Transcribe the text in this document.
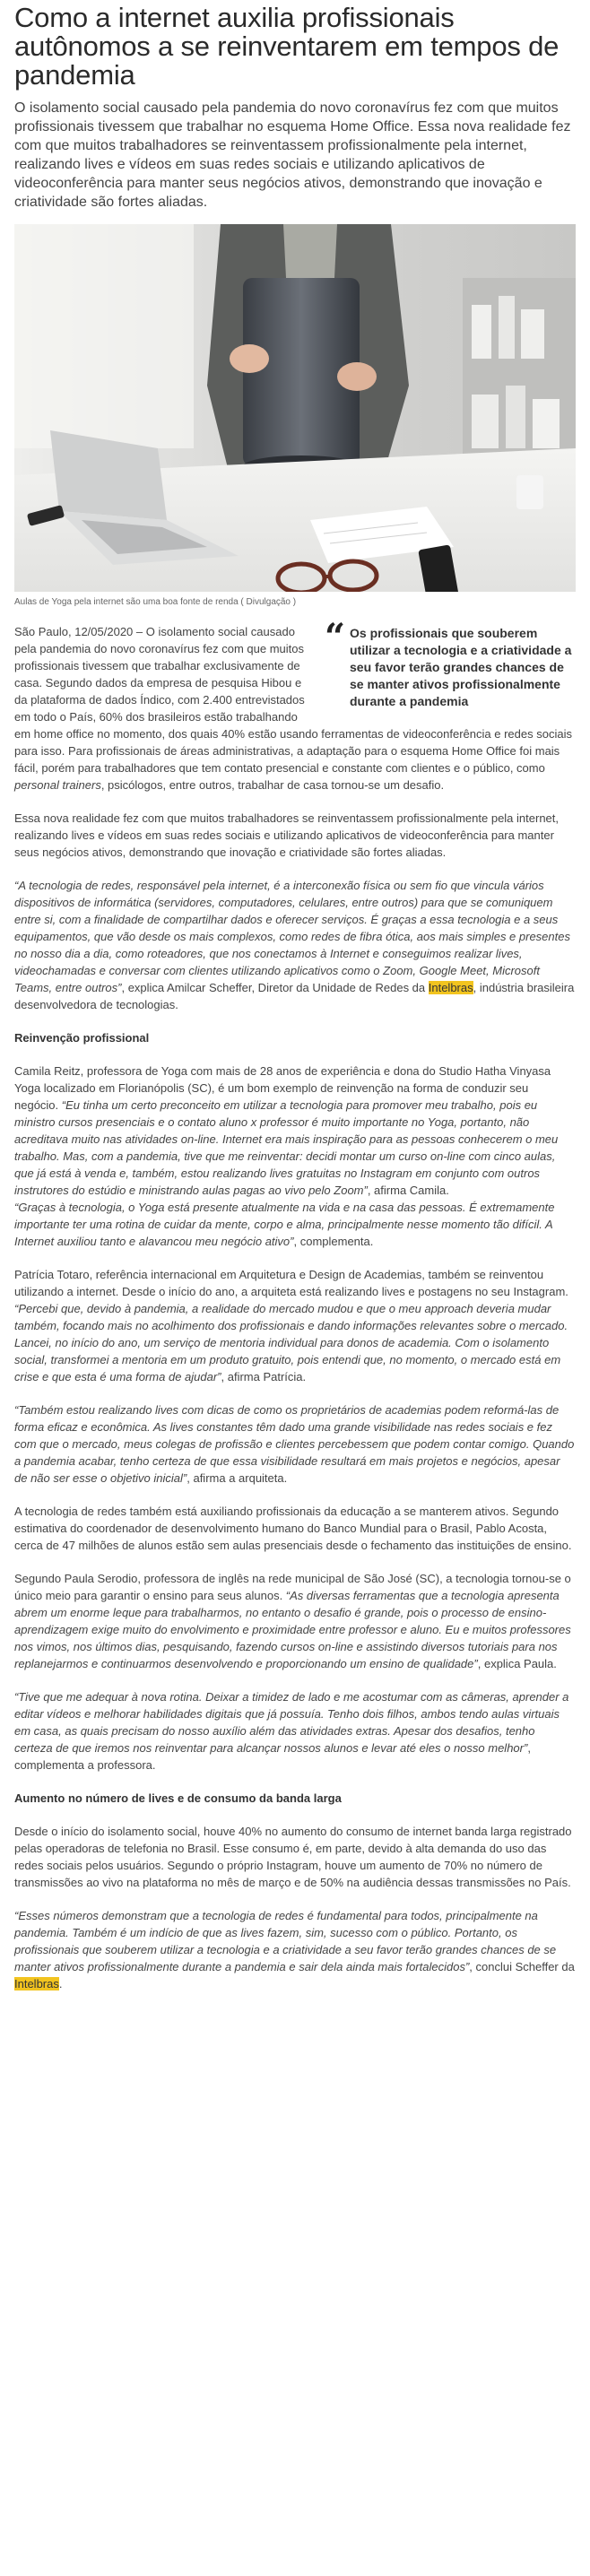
Como a internet auxilia profissionais autônomos a se reinventarem em tempos de pandemia

O isolamento social causado pela pandemia do novo coronavírus fez com que muitos profissionais tivessem que trabalhar no esquema Home Office. Essa nova realidade fez com que muitos trabalhadores se reinventassem profissionalmente pela internet, realizando lives e vídeos em suas redes sociais e utilizando aplicativos de videoconferência para manter seus negócios ativos, demonstrando que inovação e criatividade são fortes aliadas.

Aulas de Yoga pela internet são uma boa fonte de renda ( Divulgação )
“ Os profissionais que souberem utilizar a tecnologia e a criatividade a seu favor terão grandes chances de se manter ativos profissionalmente durante a pandemia

São Paulo, 12/05/2020 – O isolamento social causado pela pandemia do novo coronavírus fez com que muitos profissionais tivessem que trabalhar exclusivamente de casa. Segundo dados da empresa de pesquisa Hibou e da plataforma de dados Índico, com 2.400 entrevistados em todo o País, 60% dos brasileiros estão trabalhando em home office no momento, dos quais 40% estão usando ferramentas de videoconferência e redes sociais para isso. Para profissionais de áreas administrativas, a adaptação para o esquema Home Office foi mais fácil, porém para trabalhadores que tem contato presencial e constante com clientes e o público, como personal trainers, psicólogos, entre outros, trabalhar de casa tornou-se um desafio.

Essa nova realidade fez com que muitos trabalhadores se reinventassem profissionalmente pela internet, realizando lives e vídeos em suas redes sociais e utilizando aplicativos de videoconferência para manter seus negócios ativos, demonstrando que inovação e criatividade são fortes aliadas.

“A tecnologia de redes, responsável pela internet, é a interconexão física ou sem fio que vincula vários dispositivos de informática (servidores, computadores, celulares, entre outros) para que se comuniquem entre si, com a finalidade de compartilhar dados e oferecer serviços. É graças a essa tecnologia e a seus equipamentos, que vão desde os mais complexos, como redes de fibra ótica, aos mais simples e presentes no nosso dia a dia, como roteadores, que nos conectamos à Internet e conseguimos realizar lives, videochamadas e conversar com clientes utilizando aplicativos como o Zoom, Google Meet, Microsoft Teams, entre outros”, explica Amilcar Scheffer, Diretor da Unidade de Redes da Intelbras, indústria brasileira desenvolvedora de tecnologias.

Reinvenção profissional

Camila Reitz, professora de Yoga com mais de 28 anos de experiência e dona do Studio Hatha Vinyasa Yoga localizado em Florianópolis (SC), é um bom exemplo de reinvenção na forma de conduzir seu negócio. “Eu tinha um certo preconceito em utilizar a tecnologia para promover meu trabalho, pois eu ministro cursos presenciais e o contato aluno x professor é muito importante no Yoga, portanto, não acreditava muito nas atividades on-line. Internet era mais inspiração para as pessoas conhecerem o meu trabalho. Mas, com a pandemia, tive que me reinventar: decidi montar um curso on-line com cinco aulas, que já está à venda e, também, estou realizando lives gratuitas no Instagram em conjunto com outros instrutores do estúdio e ministrando aulas pagas ao vivo pelo Zoom”, afirma Camila.
“Graças à tecnologia, o Yoga está presente atualmente na vida e na casa das pessoas. É extremamente importante ter uma rotina de cuidar da mente, corpo e alma, principalmente nesse momento tão difícil. A Internet auxiliou tanto e alavancou meu negócio ativo”, complementa.

Patrícia Totaro, referência internacional em Arquitetura e Design de Academias, também se reinventou utilizando a internet. Desde o início do ano, a arquiteta está realizando lives e postagens no seu Instagram. “Percebi que, devido à pandemia, a realidade do mercado mudou e que o meu approach deveria mudar também, focando mais no acolhimento dos profissionais e dando informações relevantes sobre o mercado. Lancei, no início do ano, um serviço de mentoria individual para donos de academia. Com o isolamento social, transformei a mentoria em um produto gratuito, pois entendi que, no momento, o mercado está em crise e que esta é uma forma de ajudar”, afirma Patrícia.

“Também estou realizando lives com dicas de como os proprietários de academias podem reformá-las de forma eficaz e econômica. As lives constantes têm dado uma grande visibilidade nas redes sociais e fez com que o mercado, meus colegas de profissão e clientes percebessem que podem contar comigo. Quando a pandemia acabar, tenho certeza de que essa visibilidade resultará em mais projetos e negócios, apesar de não ser esse o objetivo inicial”, afirma a arquiteta.

A tecnologia de redes também está auxiliando profissionais da educação a se manterem ativos. Segundo estimativa do coordenador de desenvolvimento humano do Banco Mundial para o Brasil, Pablo Acosta, cerca de 47 milhões de alunos estão sem aulas presenciais desde o fechamento das instituições de ensino.

Segundo Paula Serodio, professora de inglês na rede municipal de São José (SC), a tecnologia tornou-se o único meio para garantir o ensino para seus alunos. “As diversas ferramentas que a tecnologia apresenta abrem um enorme leque para trabalharmos, no entanto o desafio é grande, pois o processo de ensino-aprendizagem exige muito do envolvimento e proximidade entre professor e aluno. Eu e muitos professores nos vimos, nos últimos dias, pesquisando, fazendo cursos on-line e assistindo diversos tutoriais para nos replanejarmos e continuarmos desenvolvendo e proporcionando um ensino de qualidade”, explica Paula.

“Tive que me adequar à nova rotina. Deixar a timidez de lado e me acostumar com as câmeras, aprender a editar vídeos e melhorar habilidades digitais que já possuía. Tenho dois filhos, ambos tendo aulas virtuais em casa, as quais precisam do nosso auxílio além das atividades extras. Apesar dos desafios, tenho certeza de que iremos nos reinventar para alcançar nossos alunos e levar até eles o nosso melhor”, complementa a professora.

Aumento no número de lives e de consumo da banda larga

Desde o início do isolamento social, houve 40% no aumento do consumo de internet banda larga registrado pelas operadoras de telefonia no Brasil. Esse consumo é, em parte, devido à alta demanda do uso das redes sociais pelos usuários. Segundo o próprio Instagram, houve um aumento de 70% no número de transmissões ao vivo na plataforma no mês de março e de 50% na audiência dessas transmissões no País.

“Esses números demonstram que a tecnologia de redes é fundamental para todos, principalmente na pandemia. Também é um indício de que as lives fazem, sim, sucesso com o público. Portanto, os profissionais que souberem utilizar a tecnologia e a criatividade a seu favor terão grandes chances de se manter ativos profissionalmente durante a pandemia e sair dela ainda mais fortalecidos”, conclui Scheffer da Intelbras.
